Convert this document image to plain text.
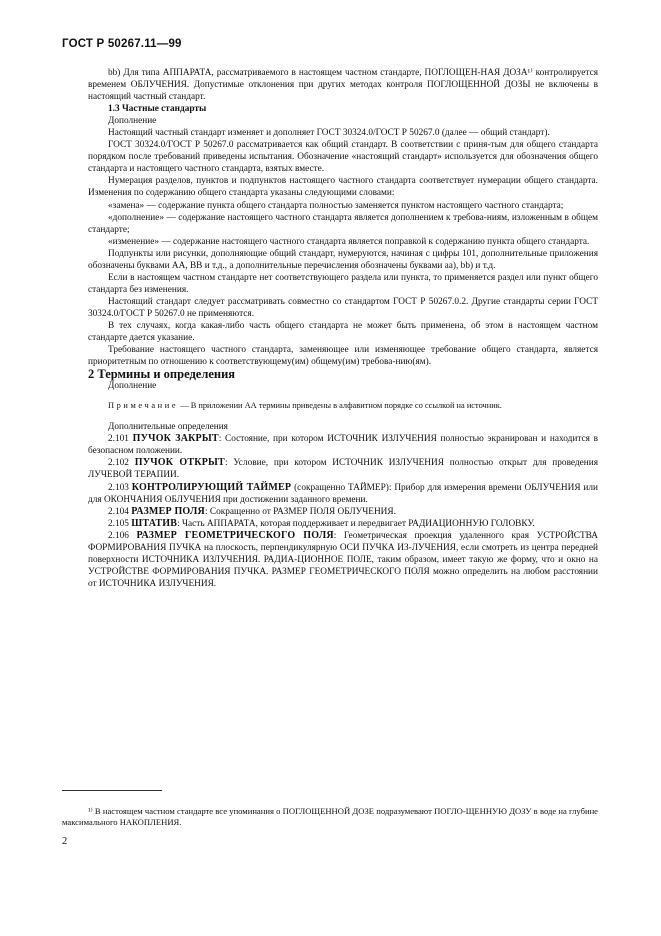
ГОСТ Р 50267.11—99

bb) Для типа АППАРАТА, рассматриваемого в настоящем частном стандарте, ПОГЛОЩЕН-НАЯ ДОЗА¹⁾ контролируется временем ОБЛУЧЕНИЯ. Допустимые отклонения при других методах контроля ПОГЛОЩЕННОЙ ДОЗЫ не включены в настоящий частный стандарт.

1.3 Частные стандарты

Дополнение

Настоящий частный стандарт изменяет и дополняет ГОСТ 30324.0/ГОСТ Р 50267.0 (далее — общий стандарт).

ГОСТ 30324.0/ГОСТ Р 50267.0 рассматривается как общий стандарт. В соответствии с приня-тым для общего стандарта порядком после требований приведены испытания. Обозначение «настоящий стандарт» используется для обозначения общего стандарта и настоящего частного стандарта, взятых вместе.

Нумерация разделов, пунктов и подпунктов настоящего частного стандарта соответствует нумерации общего стандарта. Изменения по содержанию общего стандарта указаны следующими словами:

«замена» — содержание пункта общего стандарта полностью заменяется пунктом настоящего частного стандарта;

«дополнение» — содержание настоящего частного стандарта является дополнением к требова-ниям, изложенным в общем стандарте;

«изменение» — содержание настоящего частного стандарта является поправкой к содержанию пункта общего стандарта.

Подпункты или рисунки, дополняющие общий стандарт, нумеруются, начиная с цифры 101, дополнительные приложения обозначены буквами АА, ВВ и т.д., а дополнительные перечисления обозначены буквами аа), bb) и т.д.

Если в настоящем частном стандарте нет соответствующего раздела или пункта, то применяется раздел или пункт общего стандарта без изменения.

Настоящий стандарт следует рассматривать совместно со стандартом ГОСТ Р 50267.0.2. Другие стандарты серии ГОСТ 30324.0/ГОСТ Р 50267.0 не применяются.

В тех случаях, когда какая-либо часть общего стандарта не может быть применена, об этом в настоящем частном стандарте дается указание.

Требование настоящего частного стандарта, заменяющее или изменяющее требование общего стандарта, является приоритетным по отношению к соответствующему(им) общему(им) требова-нию(ям).

2 Термины и определения

Дополнение

Примечание — В приложении АА термины приведены в алфавитном порядке со ссылкой на источник.

Дополнительные определения

2.101 ПУЧОК ЗАКРЫТ: Состояние, при котором ИСТОЧНИК ИЗЛУЧЕНИЯ полностью экранирован и находится в безопасном положении.

2.102 ПУЧОК ОТКРЫТ: Условие, при котором ИСТОЧНИК ИЗЛУЧЕНИЯ полностью открыт для проведения ЛУЧЕВОЙ ТЕРАПИИ.

2.103 КОНТРОЛИРУЮЩИЙ ТАЙМЕР (сокращенно ТАЙМЕР): Прибор для измерения времени ОБЛУЧЕНИЯ или для ОКОНЧАНИЯ ОБЛУЧЕНИЯ при достижении заданного времени.

2.104 РАЗМЕР ПОЛЯ: Сокращенно от РАЗМЕР ПОЛЯ ОБЛУЧЕНИЯ.

2.105 ШТАТИВ: Часть АППАРАТА, которая поддерживает и передвигает РАДИАЦИОННУЮ ГОЛОВКУ.

2.106 РАЗМЕР ГЕОМЕТРИЧЕСКОГО ПОЛЯ: Геометрическая проекция удаленного края УСТРОЙСТВА ФОРМИРОВАНИЯ ПУЧКА на плоскость, перпендикулярную ОСИ ПУЧКА ИЗ-ЛУЧЕНИЯ, если смотреть из центра передней поверхности ИСТОЧНИКА ИЗЛУЧЕНИЯ. РАДИА-ЦИОННОЕ ПОЛЕ, таким образом, имеет такую же форму, что и окно на УСТРОЙСТВЕ ФОРМИРОВАНИЯ ПУЧКА. РАЗМЕР ГЕОМЕТРИЧЕСКОГО ПОЛЯ можно определить на любом расстоянии от ИСТОЧНИКА ИЗЛУЧЕНИЯ.

¹⁾ В настоящем частном стандарте все упоминания о ПОГЛОЩЕННОЙ ДОЗЕ подразумевают ПОГЛО-ЩЕННУЮ ДОЗУ в воде на глубине максимального НАКОПЛЕНИЯ.

2
